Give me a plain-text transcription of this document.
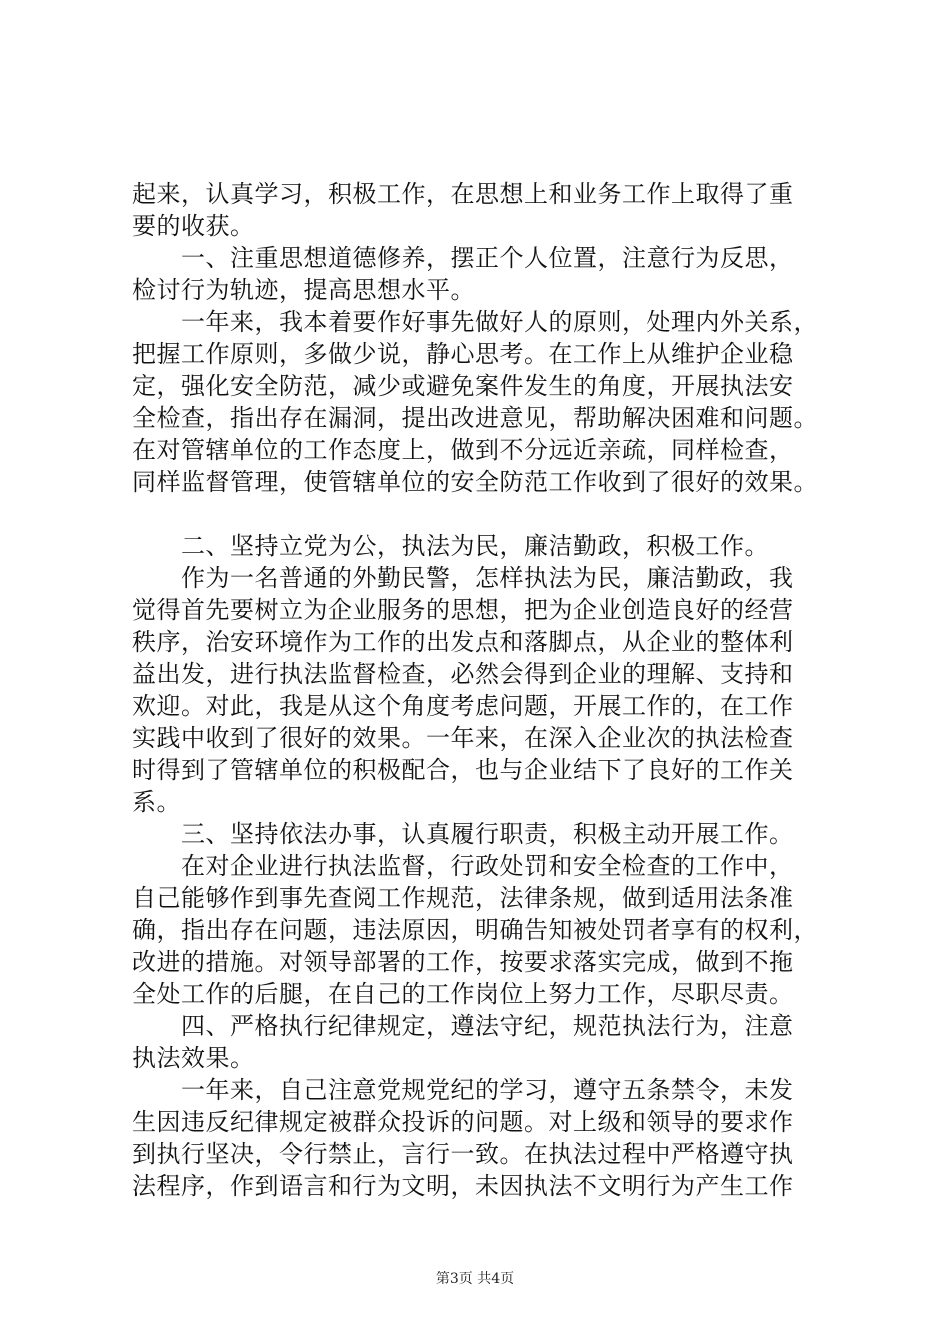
起来，认真学习，积极工作，在思想上和业务工作上取得了重
要的收获。
　　一、注重思想道德修养，摆正个人位置，注意行为反思，
检讨行为轨迹，提高思想水平。
　　一年来，我本着要作好事先做好人的原则，处理内外关系，
把握工作原则，多做少说，静心思考。在工作上从维护企业稳
定，强化安全防范，减少或避免案件发生的角度，开展执法安
全检查，指出存在漏洞，提出改进意见，帮助解决困难和问题。
在对管辖单位的工作态度上，做到不分远近亲疏，同样检查，
同样监督管理，使管辖单位的安全防范工作收到了很好的效果。
　　二、坚持立党为公，执法为民，廉洁勤政，积极工作。
　　作为一名普通的外勤民警，怎样执法为民，廉洁勤政，我
觉得首先要树立为企业服务的思想，把为企业创造良好的经营
秩序，治安环境作为工作的出发点和落脚点，从企业的整体利
益出发，进行执法监督检查，必然会得到企业的理解、支持和
欢迎。对此，我是从这个角度考虑问题，开展工作的，在工作
实践中收到了很好的效果。一年来，在深入企业次的执法检查
时得到了管辖单位的积极配合，也与企业结下了良好的工作关
系。
　　三、坚持依法办事，认真履行职责，积极主动开展工作。
　　在对企业进行执法监督，行政处罚和安全检查的工作中，
自己能够作到事先查阅工作规范，法律条规，做到适用法条准
确，指出存在问题，违法原因，明确告知被处罚者享有的权利，
改进的措施。对领导部署的工作，按要求落实完成，做到不拖
全处工作的后腿，在自己的工作岗位上努力工作，尽职尽责。
　　四、严格执行纪律规定，遵法守纪，规范执法行为，注意
执法效果。
　　一年来，自己注意党规党纪的学习，遵守五条禁令，未发
生因违反纪律规定被群众投诉的问题。对上级和领导的要求作
到执行坚决，令行禁止，言行一致。在执法过程中严格遵守执
法程序，作到语言和行为文明，未因执法不文明行为产生工作
第3页 共4页
